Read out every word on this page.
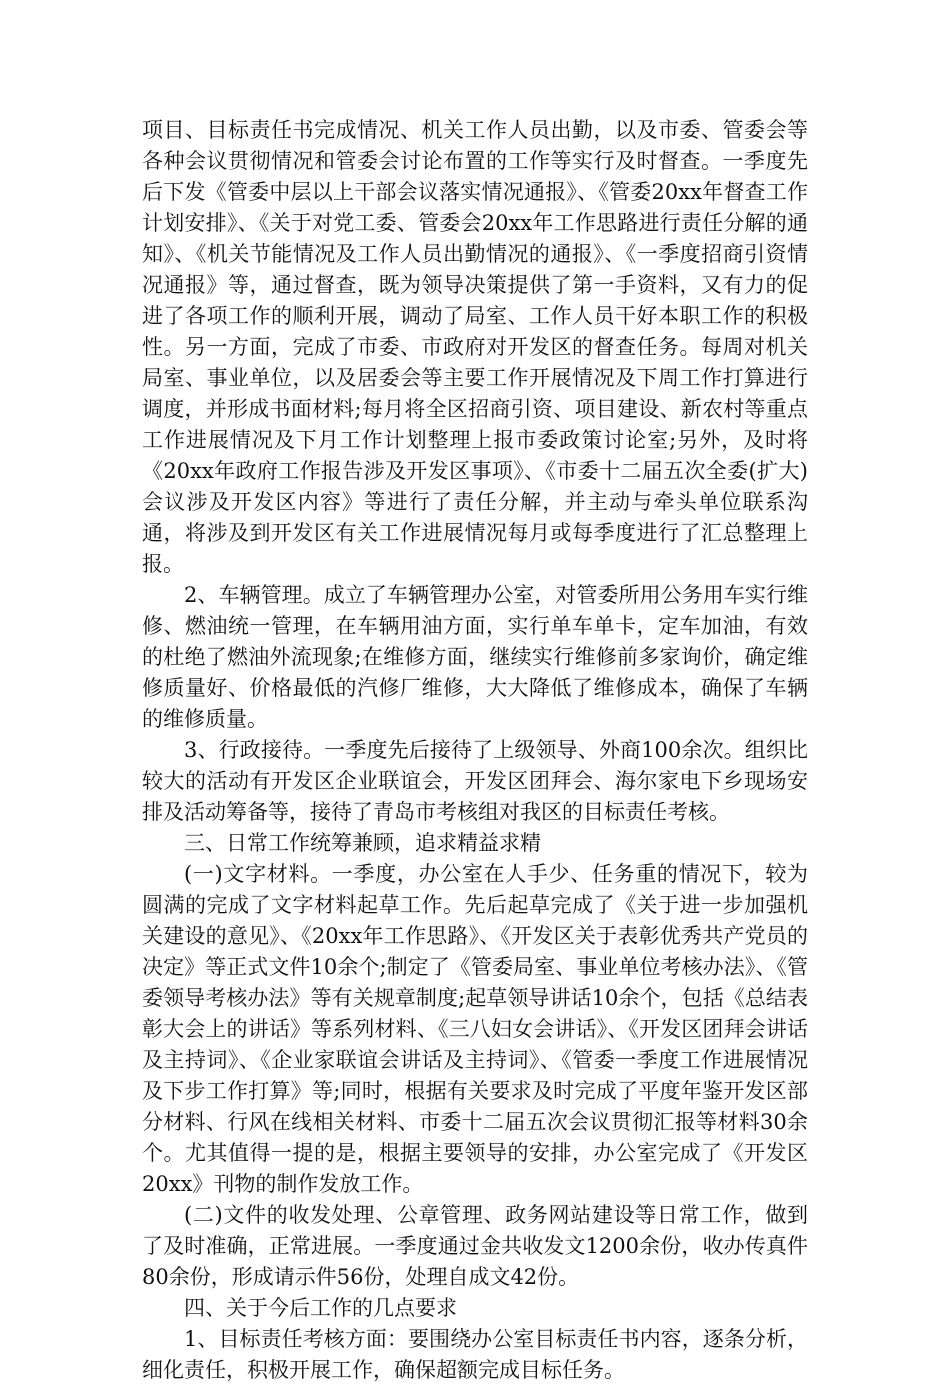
项目、目标责任书完成情况、机关工作人员出勤，以及市委、管委会等各种会议贯彻情况和管委会讨论布置的工作等实行及时督查。一季度先后下发《管委中层以上干部会议落实情况通报》、《管委20xx年督查工作计划安排》、《关于对党工委、管委会20xx年工作思路进行责任分解的通知》、《机关节能情况及工作人员出勤情况的通报》、《一季度招商引资情况通报》等，通过督查，既为领导决策提供了第一手资料，又有力的促进了各项工作的顺利开展，调动了局室、工作人员干好本职工作的积极性。另一方面，完成了市委、市政府对开发区的督查任务。每周对机关局室、事业单位，以及居委会等主要工作开展情况及下周工作打算进行调度，并形成书面材料;每月将全区招商引资、项目建设、新农村等重点工作进展情况及下月工作计划整理上报市委政策讨论室;另外，及时将《20xx年政府工作报告涉及开发区事项》、《市委十二届五次全委(扩大)会议涉及开发区内容》等进行了责任分解，并主动与牵头单位联系沟通，将涉及到开发区有关工作进展情况每月或每季度进行了汇总整理上报。

2、车辆管理。成立了车辆管理办公室，对管委所用公务用车实行维修、燃油统一管理，在车辆用油方面，实行单车单卡，定车加油，有效的杜绝了燃油外流现象;在维修方面，继续实行维修前多家询价，确定维修质量好、价格最低的汽修厂维修，大大降低了维修成本，确保了车辆的维修质量。

3、行政接待。一季度先后接待了上级领导、外商100余次。组织比较大的活动有开发区企业联谊会，开发区团拜会、海尔家电下乡现场安排及活动筹备等，接待了青岛市考核组对我区的目标责任考核。

三、日常工作统筹兼顾，追求精益求精

(一)文字材料。一季度，办公室在人手少、任务重的情况下，较为圆满的完成了文字材料起草工作。先后起草完成了《关于进一步加强机关建设的意见》、《20xx年工作思路》、《开发区关于表彰优秀共产党员的决定》等正式文件10余个;制定了《管委局室、事业单位考核办法》、《管委领导考核办法》等有关规章制度;起草领导讲话10余个，包括《总结表彰大会上的讲话》等系列材料、《三八妇女会讲话》、《开发区团拜会讲话及主持词》、《企业家联谊会讲话及主持词》、《管委一季度工作进展情况及下步工作打算》等;同时，根据有关要求及时完成了平度年鉴开发区部分材料、行风在线相关材料、市委十二届五次会议贯彻汇报等材料30余个。尤其值得一提的是，根据主要领导的安排，办公室完成了《开发区20xx》刊物的制作发放工作。

(二)文件的收发处理、公章管理、政务网站建设等日常工作，做到了及时准确，正常进展。一季度通过金共收发文1200余份，收办传真件80余份，形成请示件56份，处理自成文42份。

四、关于今后工作的几点要求

1、目标责任考核方面：要围绕办公室目标责任书内容，逐条分析，细化责任，积极开展工作，确保超额完成目标任务。
